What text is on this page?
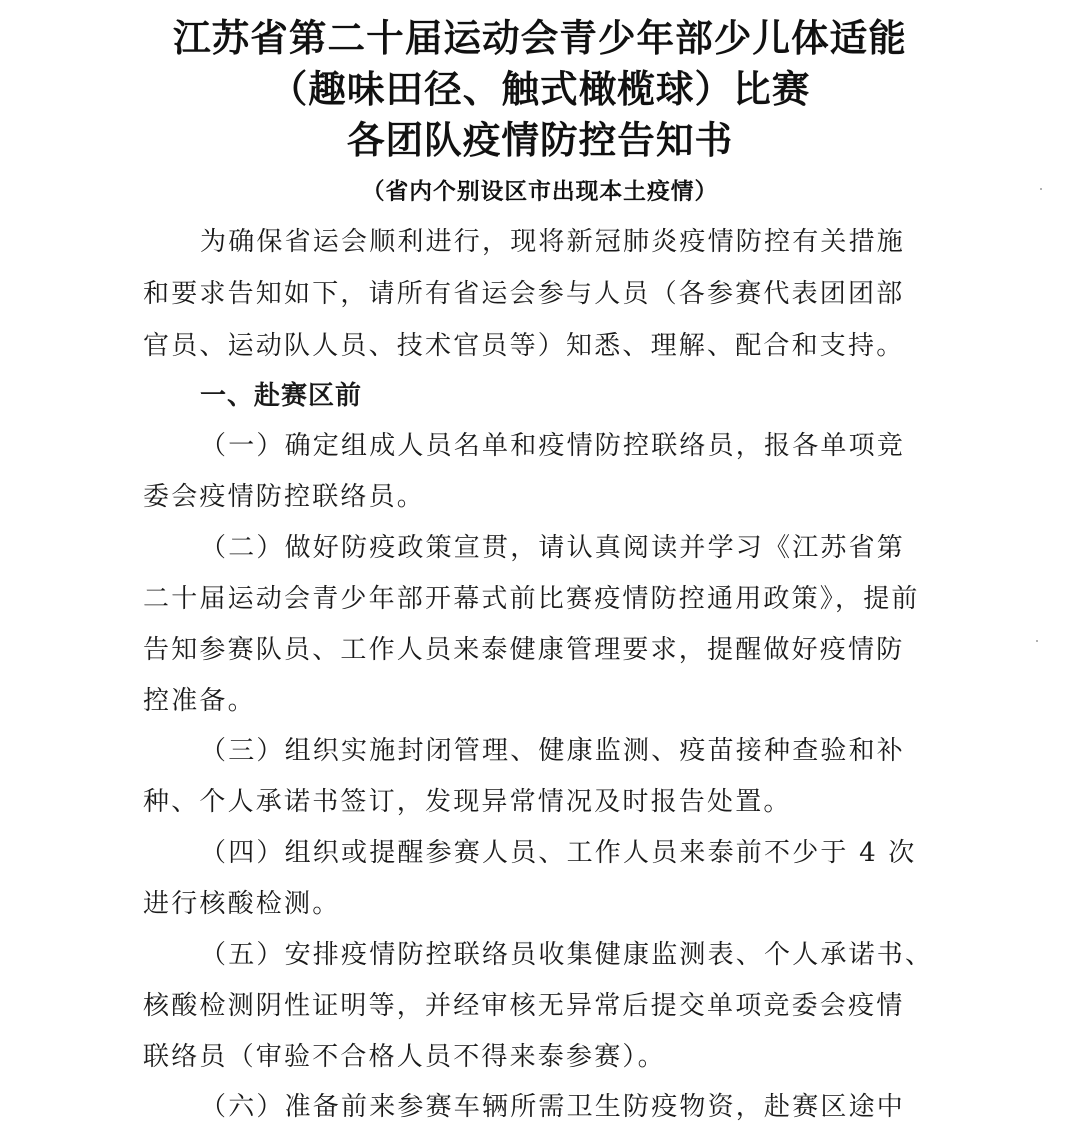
江苏省第二十届运动会青少年部少儿体适能
（趣味田径、触式橄榄球）比赛
各团队疫情防控告知书
（省内个别设区市出现本土疫情）
为确保省运会顺利进行，现将新冠肺炎疫情防控有关措施
和要求告知如下，请所有省运会参与人员（各参赛代表团团部
官员、运动队人员、技术官员等）知悉、理解、配合和支持。
一、赴赛区前
（一）确定组成人员名单和疫情防控联络员，报各单项竞
委会疫情防控联络员。
（二）做好防疫政策宣贯，请认真阅读并学习《江苏省第
二十届运动会青少年部开幕式前比赛疫情防控通用政策》，提前
告知参赛队员、工作人员来泰健康管理要求，提醒做好疫情防
控准备。
（三）组织实施封闭管理、健康监测、疫苗接种查验和补
种、个人承诺书签订，发现异常情况及时报告处置。
（四）组织或提醒参赛人员、工作人员来泰前不少于 4 次
进行核酸检测。
（五）安排疫情防控联络员收集健康监测表、个人承诺书、
核酸检测阴性证明等，并经审核无异常后提交单项竞委会疫情
联络员（审验不合格人员不得来泰参赛）。
（六）准备前来参赛车辆所需卫生防疫物资，赴赛区途中
